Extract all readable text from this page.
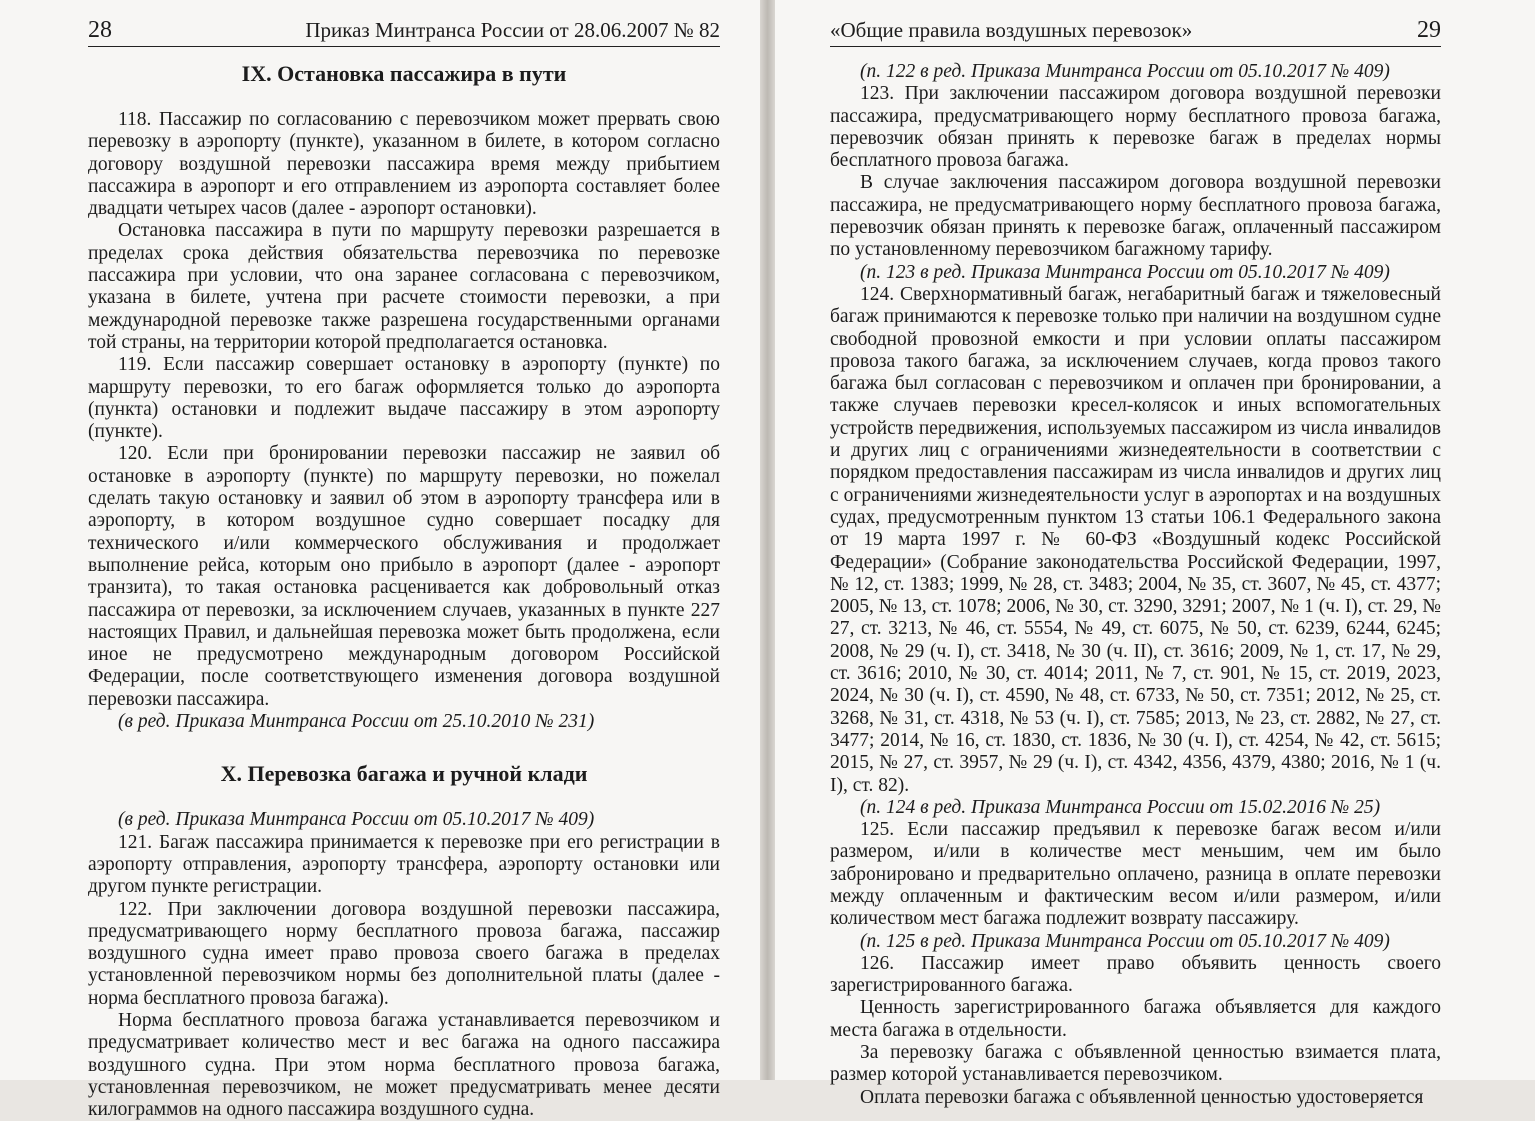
28	Приказ Минтранса России от 28.06.2007 № 82
IX. Остановка пассажира в пути

118. Пассажир по согласованию с перевозчиком может прервать свою перевозку в аэропорту (пункте), указанном в билете, в котором согласно договору воздушной перевозки пассажира время между прибытием пассажира в аэропорт и его отправлением из аэропорта составляет более двадцати четырех часов (далее - аэропорт остановки).

Остановка пассажира в пути по маршруту перевозки разрешается в пределах срока действия обязательства перевозчика по перевозке пассажира при условии, что она заранее согласована с перевозчиком, указана в билете, учтена при расчете стоимости перевозки, а при международной перевозке также разрешена государственными органами той страны, на территории которой предполагается остановка.

119. Если пассажир совершает остановку в аэропорту (пункте) по маршруту перевозки, то его багаж оформляется только до аэропорта (пункта) остановки и подлежит выдаче пассажиру в этом аэропорту (пункте).

120. Если при бронировании перевозки пассажир не заявил об остановке в аэропорту (пункте) по маршруту перевозки, но пожелал сделать такую остановку и заявил об этом в аэропорту трансфера или в аэропорту, в котором воздушное судно совершает посадку для технического и/или коммерческого обслуживания и продолжает выполнение рейса, которым оно прибыло в аэропорт (далее - аэропорт транзита), то такая остановка расценивается как добровольный отказ пассажира от перевозки, за исключением случаев, указанных в пункте 227 настоящих Правил, и дальнейшая перевозка может быть продолжена, если иное не предусмотрено международным договором Российской Федерации, после соответствующего изменения договора воздушной перевозки пассажира.

(в ред. Приказа Минтранса России от 25.10.2010 № 231)

X. Перевозка багажа и ручной клади

(в ред. Приказа Минтранса России от 05.10.2017 № 409)

121. Багаж пассажира принимается к перевозке при его регистрации в аэропорту отправления, аэропорту трансфера, аэропорту остановки или другом пункте регистрации.

122. При заключении договора воздушной перевозки пассажира, предусматривающего норму бесплатного провоза багажа, пассажир воздушного судна имеет право провоза своего багажа в пределах установленной перевозчиком нормы без дополнительной платы (далее - норма бесплатного провоза багажа).

Норма бесплатного провоза багажа устанавливается перевозчиком и предусматривает количество мест и вес багажа на одного пассажира воздушного судна. При этом норма бесплатного провоза багажа, установленная перевозчиком, не может предусматривать менее десяти килограммов на одного пассажира воздушного судна.

«Общие правила воздушных перевозок»	29

(п. 122 в ред. Приказа Минтранса России от 05.10.2017 № 409)

123. При заключении пассажиром договора воздушной перевозки пассажира, предусматривающего норму бесплатного провоза багажа, перевозчик обязан принять к перевозке багаж в пределах нормы бесплатного провоза багажа.

В случае заключения пассажиром договора воздушной перевозки пассажира, не предусматривающего норму бесплатного провоза багажа, перевозчик обязан принять к перевозке багаж, оплаченный пассажиром по установленному перевозчиком багажному тарифу.

(п. 123 в ред. Приказа Минтранса России от 05.10.2017 № 409)

124. Сверхнормативный багаж, негабаритный багаж и тяжеловесный багаж принимаются к перевозке только при наличии на воздушном судне свободной провозной емкости и при условии оплаты пассажиром провоза такого багажа, за исключением случаев, когда провоз такого багажа был согласован с перевозчиком и оплачен при бронировании, а также случаев перевозки кресел-колясок и иных вспомогательных устройств передвижения, используемых пассажиром из числа инвалидов и других лиц с ограничениями жизнедеятельности в соответствии с порядком предоставления пассажирам из числа инвалидов и других лиц с ограничениями жизнедеятельности услуг в аэропортах и на воздушных судах, предусмотренным пунктом 13 статьи 106.1 Федерального закона от 19 марта 1997 г. № 60-ФЗ «Воздушный кодекс Российской Федерации» (Собрание законодательства Российской Федерации, 1997, № 12, ст. 1383; 1999, № 28, ст. 3483; 2004, № 35, ст. 3607, № 45, ст. 4377; 2005, № 13, ст. 1078; 2006, № 30, ст. 3290, 3291; 2007, № 1 (ч. I), ст. 29, № 27, ст. 3213, № 46, ст. 5554, № 49, ст. 6075, № 50, ст. 6239, 6244, 6245; 2008, № 29 (ч. I), ст. 3418, № 30 (ч. II), ст. 3616; 2009, № 1, ст. 17, № 29, ст. 3616; 2010, № 30, ст. 4014; 2011, № 7, ст. 901, № 15, ст. 2019, 2023, 2024, № 30 (ч. I), ст. 4590, № 48, ст. 6733, № 50, ст. 7351; 2012, № 25, ст. 3268, № 31, ст. 4318, № 53 (ч. I), ст. 7585; 2013, № 23, ст. 2882, № 27, ст. 3477; 2014, № 16, ст. 1830, ст. 1836, № 30 (ч. I), ст. 4254, № 42, ст. 5615; 2015, № 27, ст. 3957, № 29 (ч. I), ст. 4342, 4356, 4379, 4380; 2016, № 1 (ч. I), ст. 82).

(п. 124 в ред. Приказа Минтранса России от 15.02.2016 № 25)

125. Если пассажир предъявил к перевозке багаж весом и/или размером, и/или в количестве мест меньшим, чем им было забронировано и предварительно оплачено, разница в оплате перевозки между оплаченным и фактическим весом и/или размером, и/или количеством мест багажа подлежит возврату пассажиру.

(п. 125 в ред. Приказа Минтранса России от 05.10.2017 № 409)

126. Пассажир имеет право объявить ценность своего зарегистрированного багажа.

Ценность зарегистрированного багажа объявляется для каждого места багажа в отдельности.

За перевозку багажа с объявленной ценностью взимается плата, размер которой устанавливается перевозчиком.

Оплата перевозки багажа с объявленной ценностью удостоверяется
